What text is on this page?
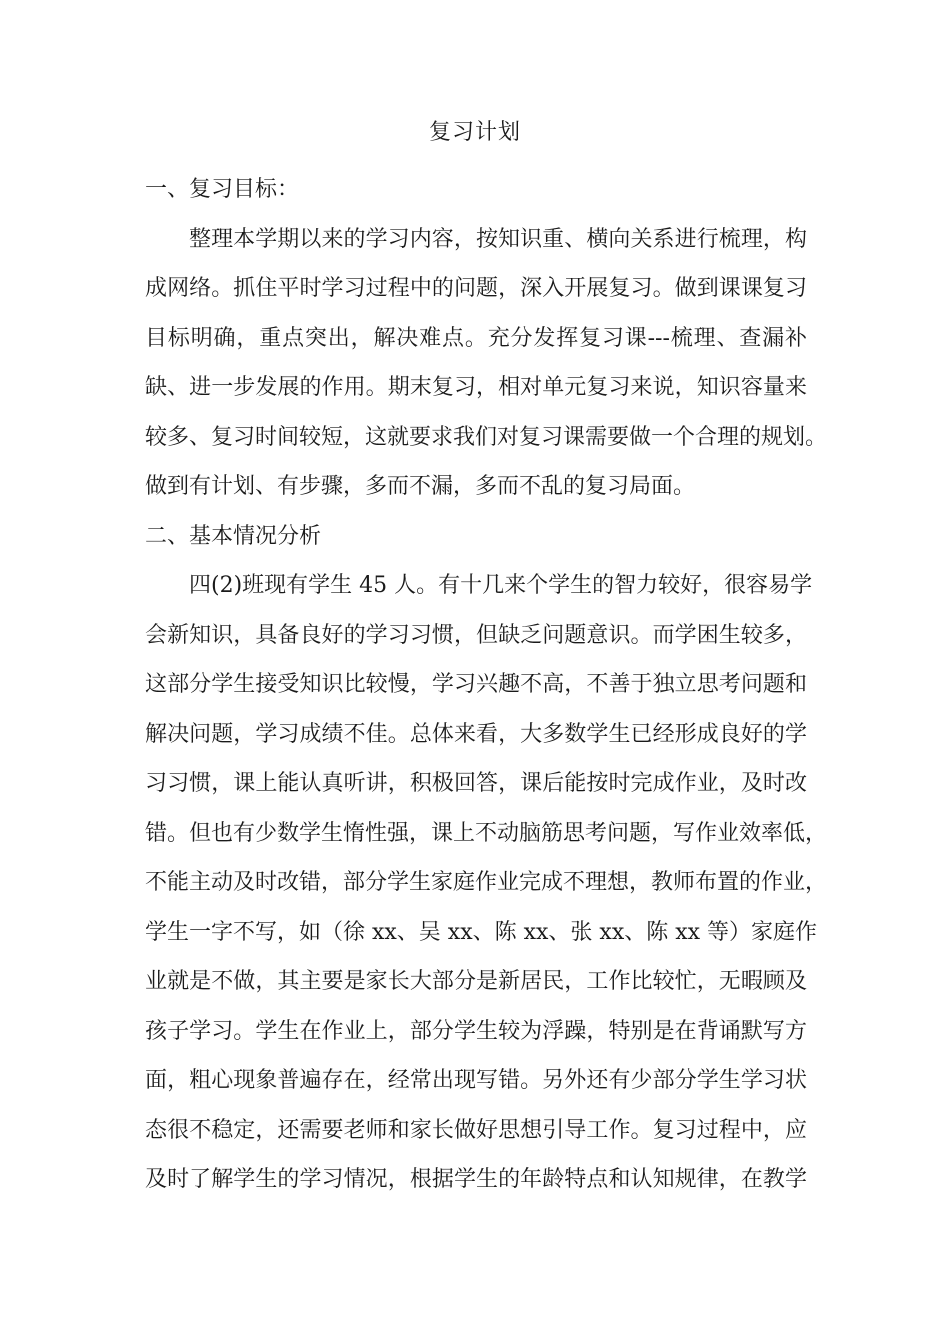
复习计划
一、复习目标：
整理本学期以来的学习内容，按知识重、横向关系进行梳理，构
成网络。抓住平时学习过程中的问题，深入开展复习。做到课课复习
目标明确，重点突出，解决难点。充分发挥复习课---梳理、查漏补
缺、进一步发展的作用。期末复习，相对单元复习来说，知识容量来
较多、复习时间较短，这就要求我们对复习课需要做一个合理的规划。
做到有计划、有步骤，多而不漏，多而不乱的复习局面。
二、基本情况分析
四(2)班现有学生 45 人。有十几来个学生的智力较好，很容易学
会新知识，具备良好的学习习惯，但缺乏问题意识。而学困生较多，
这部分学生接受知识比较慢，学习兴趣不高，不善于独立思考问题和
解决问题，学习成绩不佳。总体来看，大多数学生已经形成良好的学
习习惯，课上能认真听讲，积极回答，课后能按时完成作业，及时改
错。但也有少数学生惰性强，课上不动脑筋思考问题，写作业效率低，
不能主动及时改错，部分学生家庭作业完成不理想，教师布置的作业，
学生一字不写，如（徐 xx、吴 xx、陈 xx、张 xx、陈 xx 等）家庭作
业就是不做，其主要是家长大部分是新居民，工作比较忙，无暇顾及
孩子学习。学生在作业上，部分学生较为浮躁，特别是在背诵默写方
面，粗心现象普遍存在，经常出现写错。另外还有少部分学生学习状
态很不稳定，还需要老师和家长做好思想引导工作。复习过程中，应
及时了解学生的学习情况，根据学生的年龄特点和认知规律，在教学
